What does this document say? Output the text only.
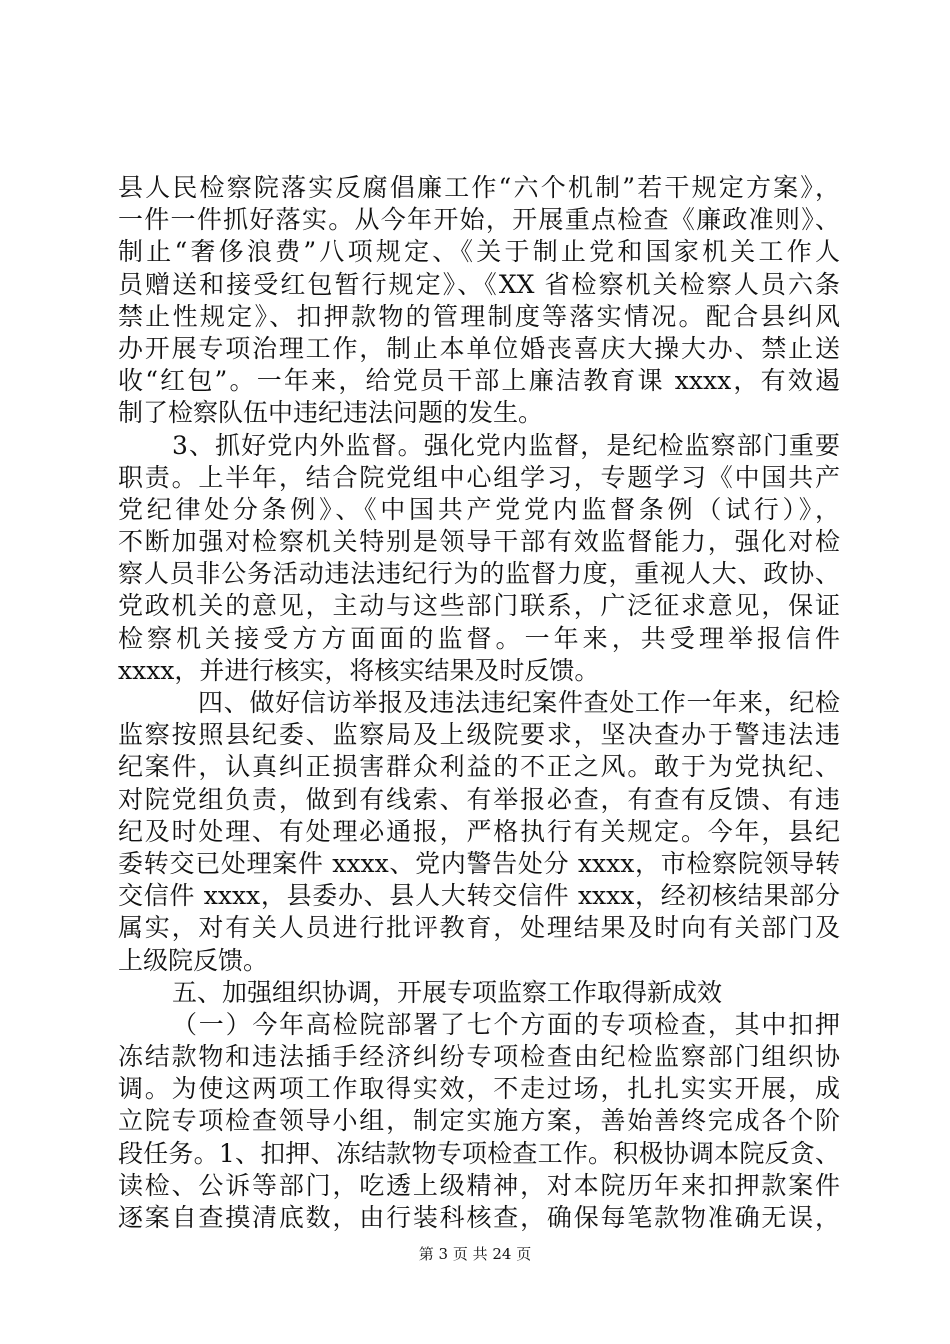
县人民检察院落实反腐倡廉工作“六个机制”若干规定方案》，
一件一件抓好落实。从今年开始，开展重点检查《廉政准则》、
制止“奢侈浪费”八项规定、《关于制止党和国家机关工作人
员赠送和接受红包暂行规定》、《XX 省检察机关检察人员六条
禁止性规定》、扣押款物的管理制度等落实情况。配合县纠风
办开展专项治理工作，制止本单位婚丧喜庆大操大办、禁止送
收“红包”。一年来，给党员干部上廉洁教育课 xxxx，有效遏
制了检察队伍中违纪违法问题的发生。
3、抓好党内外监督。强化党内监督，是纪检监察部门重要
职责。上半年，结合院党组中心组学习，专题学习《中国共产
党纪律处分条例》、《中国共产党党内监督条例（试行）》，
不断加强对检察机关特别是领导干部有效监督能力，强化对检
察人员非公务活动违法违纪行为的监督力度，重视人大、政协、
党政机关的意见，主动与这些部门联系，广泛征求意见，保证
检察机关接受方方面面的监督。一年来，共受理举报信件
xxxx，并进行核实，将核实结果及时反馈。
四、做好信访举报及违法违纪案件查处工作一年来，纪检
监察按照县纪委、监察局及上级院要求，坚决查办于警违法违
纪案件，认真纠正损害群众利益的不正之风。敢于为党执纪、
对院党组负责，做到有线索、有举报必查，有查有反馈、有违
纪及时处理、有处理必通报，严格执行有关规定。今年，县纪
委转交已处理案件 xxxx、党内警告处分 xxxx，市检察院领导转
交信件 xxxx，县委办、县人大转交信件 xxxx，经初核结果部分
属实，对有关人员进行批评教育，处理结果及时向有关部门及
上级院反馈。
五、加强组织协调，开展专项监察工作取得新成效
（一）今年高检院部署了七个方面的专项检查，其中扣押
冻结款物和违法插手经济纠纷专项检查由纪检监察部门组织协
调。为使这两项工作取得实效，不走过场，扎扎实实开展，成
立院专项检查领导小组，制定实施方案，善始善终完成各个阶
段任务。1、扣押、冻结款物专项检查工作。积极协调本院反贪、
读检、公诉等部门，吃透上级精神，对本院历年来扣押款案件
逐案自查摸清底数，由行装科核查，确保每笔款物准确无误，
第 3 页 共 24 页
